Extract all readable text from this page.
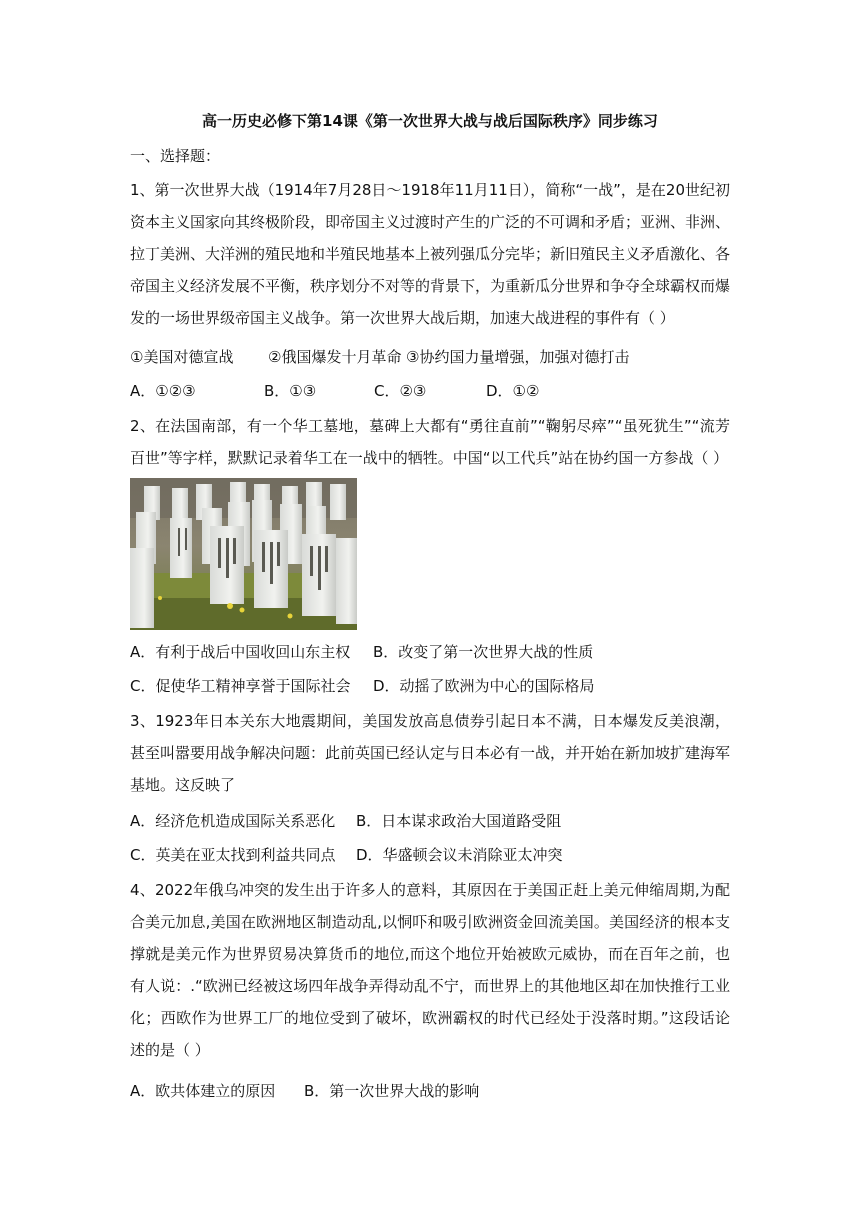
高一历史必修下第14课《第一次世界大战与战后国际秩序》同步练习
一、选择题：
1、第一次世界大战（1914年7月28日～1918年11月11日），简称“一战”，是在20世纪初资本主义国家向其终极阶段，即帝国主义过渡时产生的广泛的不可调和矛盾；亚洲、非洲、拉丁美洲、大洋洲的殖民地和半殖民地基本上被列强瓜分完毕；新旧殖民主义矛盾激化、各帝国主义经济发展不平衡，秩序划分不对等的背景下，为重新瓜分世界和争夺全球霸权而爆发的一场世界级帝国主义战争。第一次世界大战后期，加速大战进程的事件有（ ）
①美国对德宣战 ②俄国爆发十月革命 ③协约国力量增强，加强对德打击
A．①②③	B．①③	C．②③	D．①②
2、在法国南部，有一个华工墓地，墓碑上大都有“勇往直前”“鞠躬尽瘁”“虽死犹生”“流芳百世”等字样，默默记录着华工在一战中的牺牲。中国“以工代兵”站在协约国一方参战（ ）
A．有利于战后中国收回山东主权 B．改变了第一次世界大战的性质
C．促使华工精神享誉于国际社会 D．动摇了欧洲为中心的国际格局
3、1923年日本关东大地震期间，美国发放高息债券引起日本不满，日本爆发反美浪潮，甚至叫嚣要用战争解决问题：此前英国已经认定与日本必有一战，并开始在新加坡扩建海军基地。这反映了
A．经济危机造成国际关系恶化 B．日本谋求政治大国道路受阻
C．英美在亚太找到利益共同点 D．华盛顿会议未消除亚太冲突
4、2022年俄乌冲突的发生出于许多人的意料，其原因在于美国正赶上美元伸缩周期,为配合美元加息,美国在欧洲地区制造动乱,以恫吓和吸引欧洲资金回流美国。美国经济的根本支撑就是美元作为世界贸易决算货币的地位,而这个地位开始被欧元威协，而在百年之前，也有人说：.“欧洲已经被这场四年战争弄得动乱不宁，而世界上的其他地区却在加快推行工业化；西欧作为世界工厂的地位受到了破坏，欧洲霸权的时代已经处于没落时期。”这段话论述的是（ ）
A．欧共体建立的原因 B．第一次世界大战的影响
